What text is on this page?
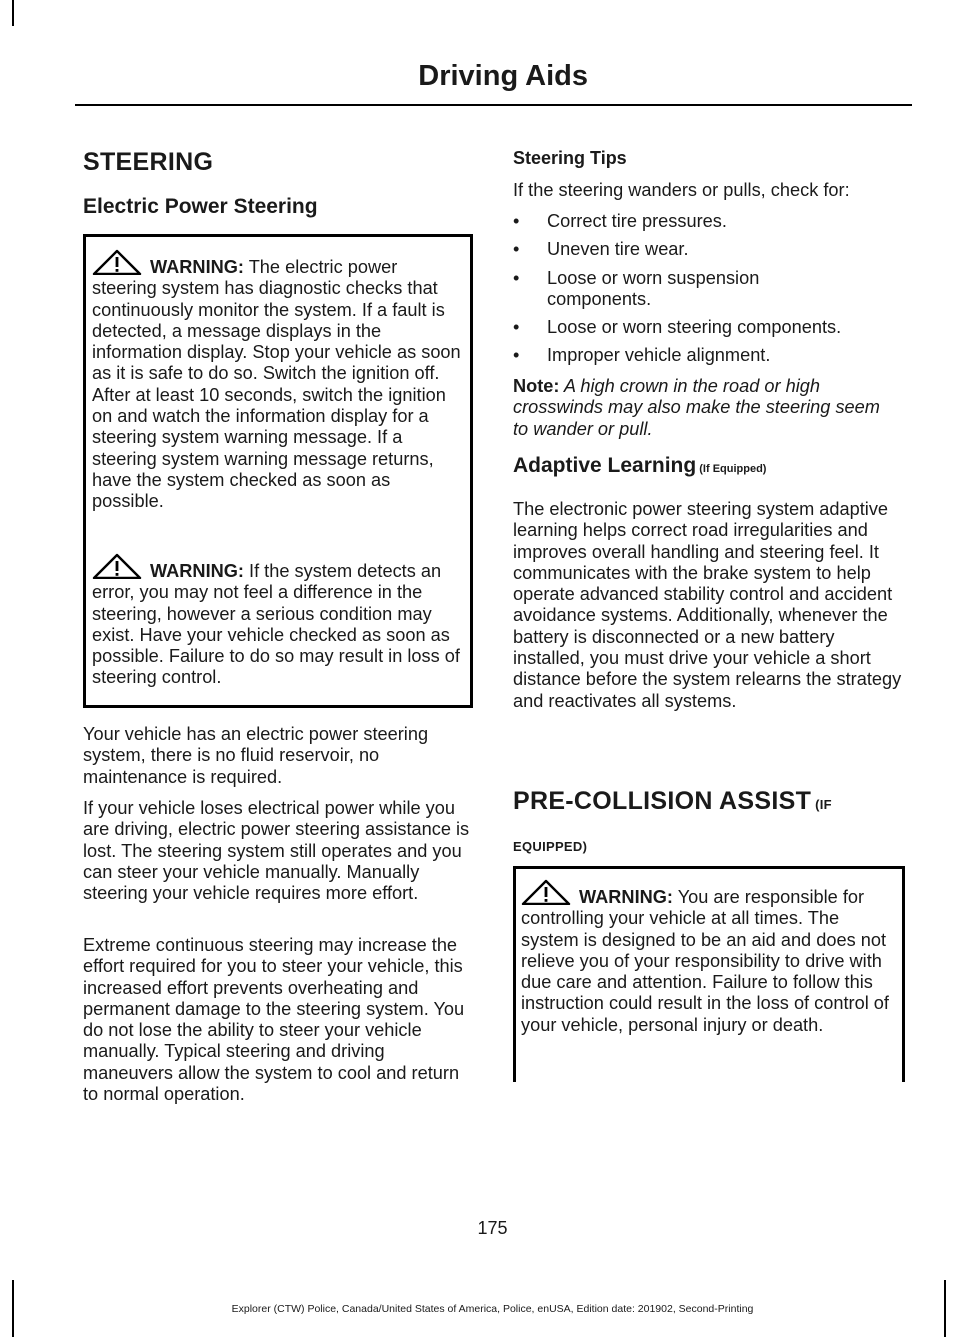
Driving Aids
STEERING
Electric Power Steering
WARNING: The electric power steering system has diagnostic checks that continuously monitor the system. If a fault is detected, a message displays in the information display. Stop your vehicle as soon as it is safe to do so. Switch the ignition off. After at least 10 seconds, switch the ignition on and watch the information display for a steering system warning message. If a steering system warning message returns, have the system checked as soon as possible.
WARNING: If the system detects an error, you may not feel a difference in the steering, however a serious condition may exist. Have your vehicle checked as soon as possible. Failure to do so may result in loss of steering control.

Your vehicle has an electric power steering system, there is no fluid reservoir, no maintenance is required.

If your vehicle loses electrical power while you are driving, electric power steering assistance is lost. The steering system still operates and you can steer your vehicle manually. Manually steering your vehicle requires more effort.

Extreme continuous steering may increase the effort required for you to steer your vehicle, this increased effort prevents overheating and permanent damage to the steering system. You do not lose the ability to steer your vehicle manually. Typical steering and driving maneuvers allow the system to cool and return to normal operation.

Steering Tips

If the steering wanders or pulls, check for:

• Correct tire pressures.
• Uneven tire wear.
• Loose or worn suspension components.
• Loose or worn steering components.
• Improper vehicle alignment.

Note: A high crown in the road or high crosswinds may also make the steering seem to wander or pull.

Adaptive Learning (If Equipped)

The electronic power steering system adaptive learning helps correct road irregularities and improves overall handling and steering feel. It communicates with the brake system to help operate advanced stability control and accident avoidance systems. Additionally, whenever the battery is disconnected or a new battery installed, you must drive your vehicle a short distance before the system relearns the strategy and reactivates all systems.

PRE-COLLISION ASSIST (IF EQUIPPED)
WARNING: You are responsible for controlling your vehicle at all times. The system is designed to be an aid and does not relieve you of your responsibility to drive with due care and attention. Failure to follow this instruction could result in the loss of control of your vehicle, personal injury or death.
175
Explorer (CTW) Police, Canada/United States of America, Police, enUSA, Edition date: 201902, Second-Printing
